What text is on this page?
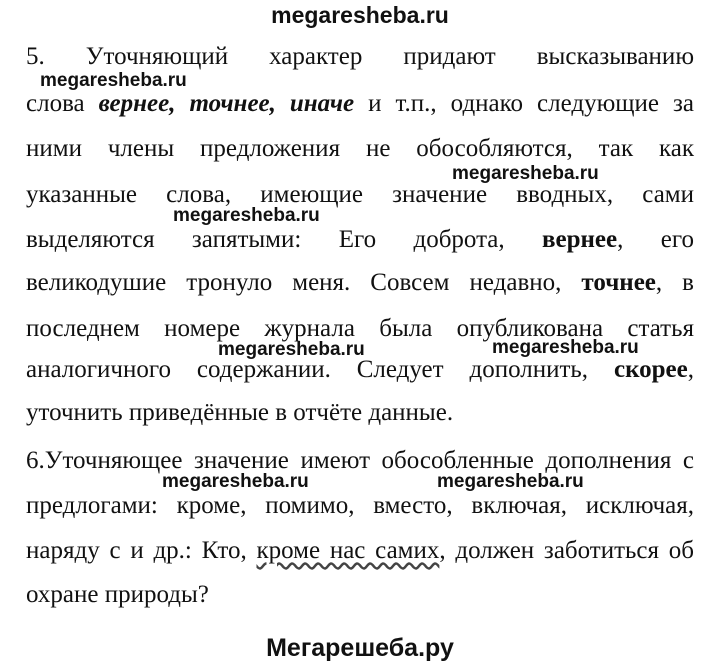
megaresheba.ru
5. Уточняющий характер придают высказыванию
слова вернее, точнее, иначе и т.п., однако следующие за
ними члены предложения не обособляются, так как
указанные слова, имеющие значение вводных, сами
выделяются запятыми: Его доброта, вернее, его
великодушие тронуло меня. Совсем недавно, точнее, в
последнем номере журнала была опубликована статья
аналогичного содержании. Следует дополнить, скорее,
уточнить приведённые в отчёте данные.
6.Уточняющее значение имеют обособленные дополнения с
предлогами: кроме, помимо, вместо, включая, исключая,
наряду с и др.: Кто, кроме нас самих, должен заботиться об
охране природы?
megaresheba.ru
megaresheba.ru
megaresheba.ru
megaresheba.ru	megaresheba.ru
megaresheba.ru	megaresheba.ru
Мегарешеба.ру
